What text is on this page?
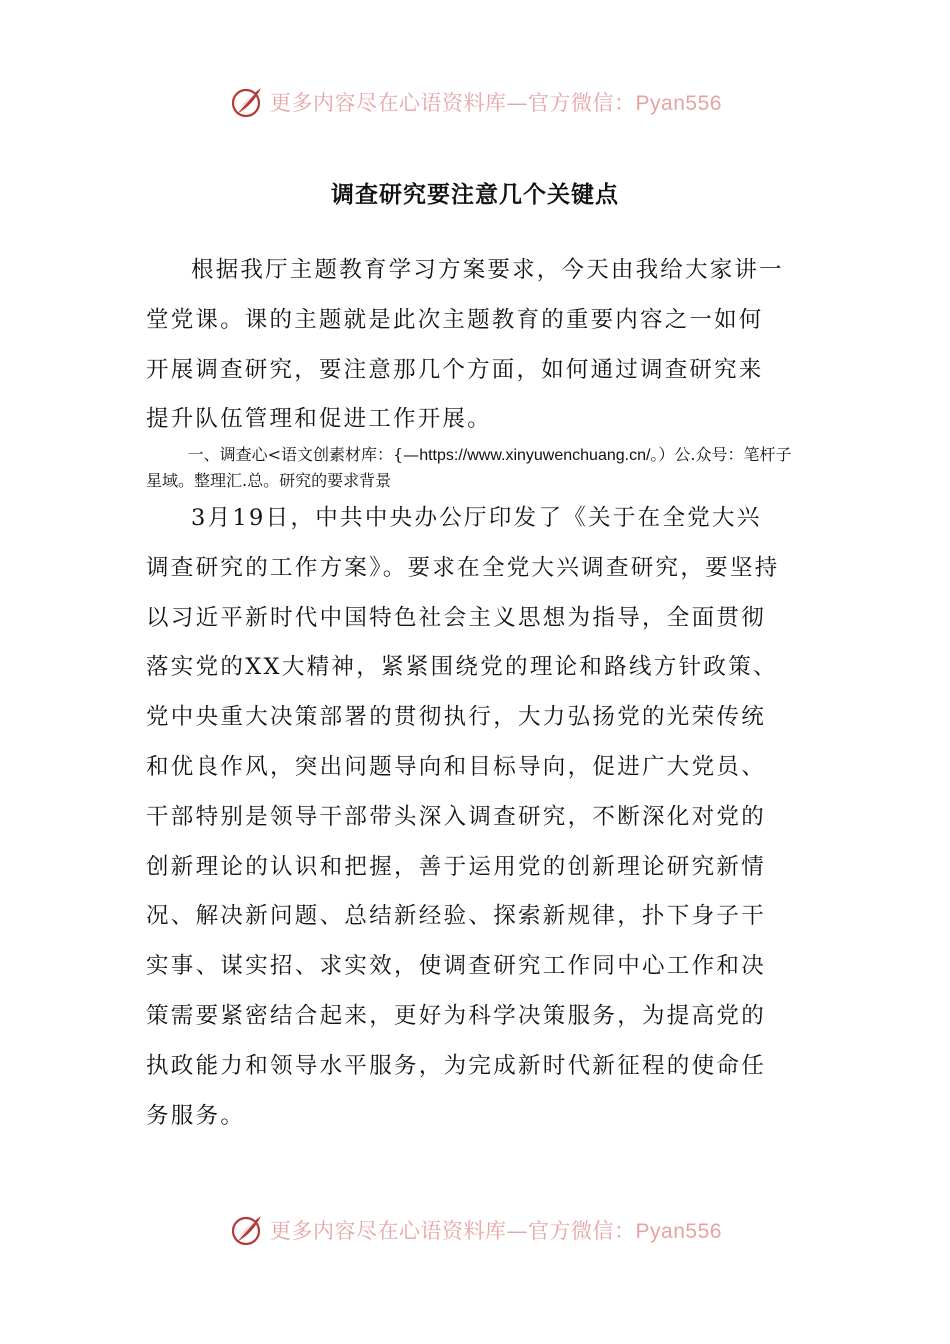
更多内容尽在心语资料库—官方微信：Pyan556
调查研究要注意几个关键点

根据我厅主题教育学习方案要求，今天由我给大家讲一堂党课。课的主题就是此次主题教育的重要内容之一如何开展调查研究，要注意那几个方面，如何通过调查研究来提升队伍管理和促进工作开展。

一、调查心<语文创素材库：{—https://www.xinyuwenchuang.cn/。）公.众号：笔杆子星域。整理汇.总。研究的要求背景

3月19日，中共中央办公厅印发了《关于在全党大兴调查研究的工作方案》。要求在全党大兴调查研究，要坚持以习近平新时代中国特色社会主义思想为指导，全面贯彻落实党的XX大精神，紧紧围绕党的理论和路线方针政策、党中央重大决策部署的贯彻执行，大力弘扬党的光荣传统和优良作风，突出问题导向和目标导向，促进广大党员、干部特别是领导干部带头深入调查研究，不断深化对党的创新理论的认识和把握，善于运用党的创新理论研究新情况、解决新问题、总结新经验、探索新规律，扑下身子干实事、谋实招、求实效，使调查研究工作同中心工作和决策需要紧密结合起来，更好为科学决策服务，为提高党的执政能力和领导水平服务，为完成新时代新征程的使命任务服务。

更多内容尽在心语资料库—官方微信：Pyan556
